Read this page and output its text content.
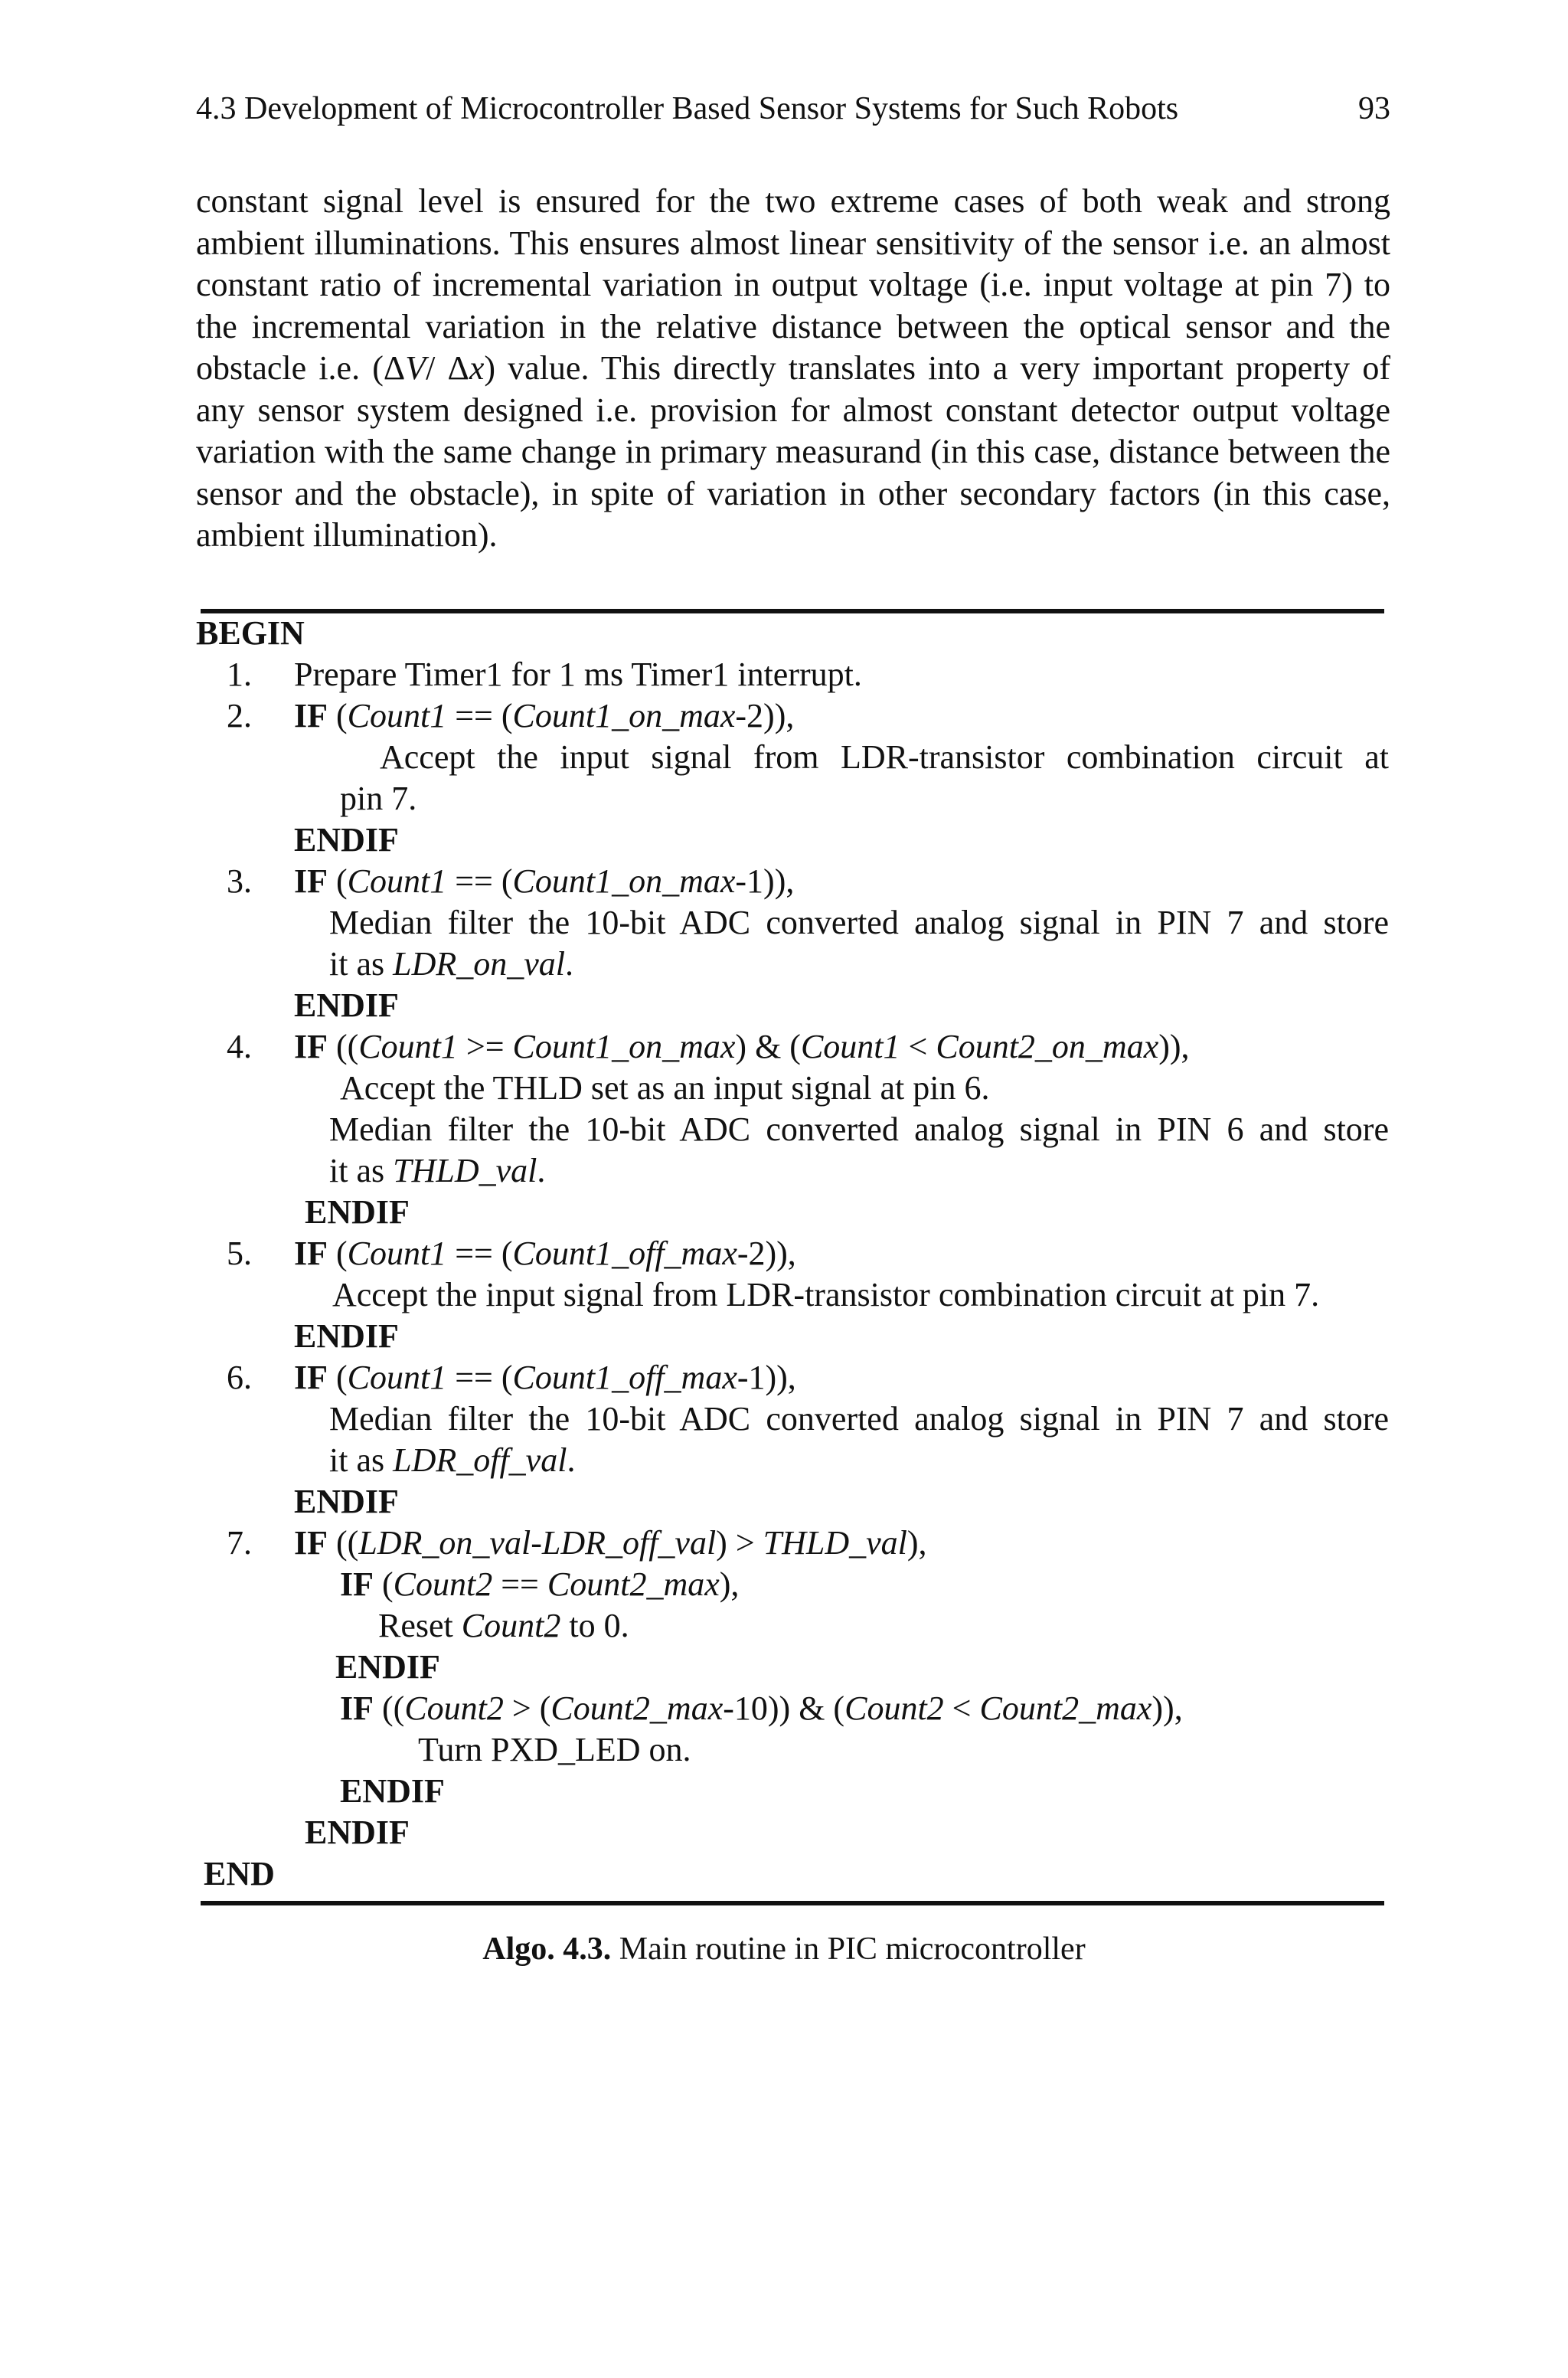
4.3 Development of Microcontroller Based Sensor Systems for Such Robots	93

constant signal level is ensured for the two extreme cases of both weak and strong ambient illuminations. This ensures almost linear sensitivity of the sensor i.e. an almost constant ratio of incremental variation in output voltage (i.e. input voltage at pin 7) to the incremental variation in the relative distance between the optical sensor and the obstacle i.e. (ΔV/ Δx) value. This directly translates into a very important property of any sensor system designed i.e. provision for almost constant detector output voltage variation with the same change in primary measurand (in this case, distance between the sensor and the obstacle), in spite of variation in other secondary factors (in this case, ambient illumination).

BEGIN
1. Prepare Timer1 for 1 ms Timer1 interrupt.
2. IF (Count1 == (Count1_on_max-2)),
Accept the input signal from LDR-transistor combination circuit at
pin 7.
ENDIF
3. IF (Count1 == (Count1_on_max-1)),
Median filter the 10-bit ADC converted analog signal in PIN 7 and store
it as LDR_on_val.
ENDIF
4. IF ((Count1 >= Count1_on_max) & (Count1 < Count2_on_max)),
Accept the THLD set as an input signal at pin 6.
Median filter the 10-bit ADC converted analog signal in PIN 6 and store
it as THLD_val.
ENDIF
5. IF (Count1 == (Count1_off_max-2)),
Accept the input signal from LDR-transistor combination circuit at pin 7.
ENDIF
6. IF (Count1 == (Count1_off_max-1)),
Median filter the 10-bit ADC converted analog signal in PIN 7 and store
it as LDR_off_val.
ENDIF
7. IF ((LDR_on_val-LDR_off_val) > THLD_val),
IF (Count2 == Count2_max),
Reset Count2 to 0.
ENDIF
IF ((Count2 > (Count2_max-10)) & (Count2 < Count2_max)),
Turn PXD_LED on.
ENDIF
ENDIF
END
Algo. 4.3. Main routine in PIC microcontroller
